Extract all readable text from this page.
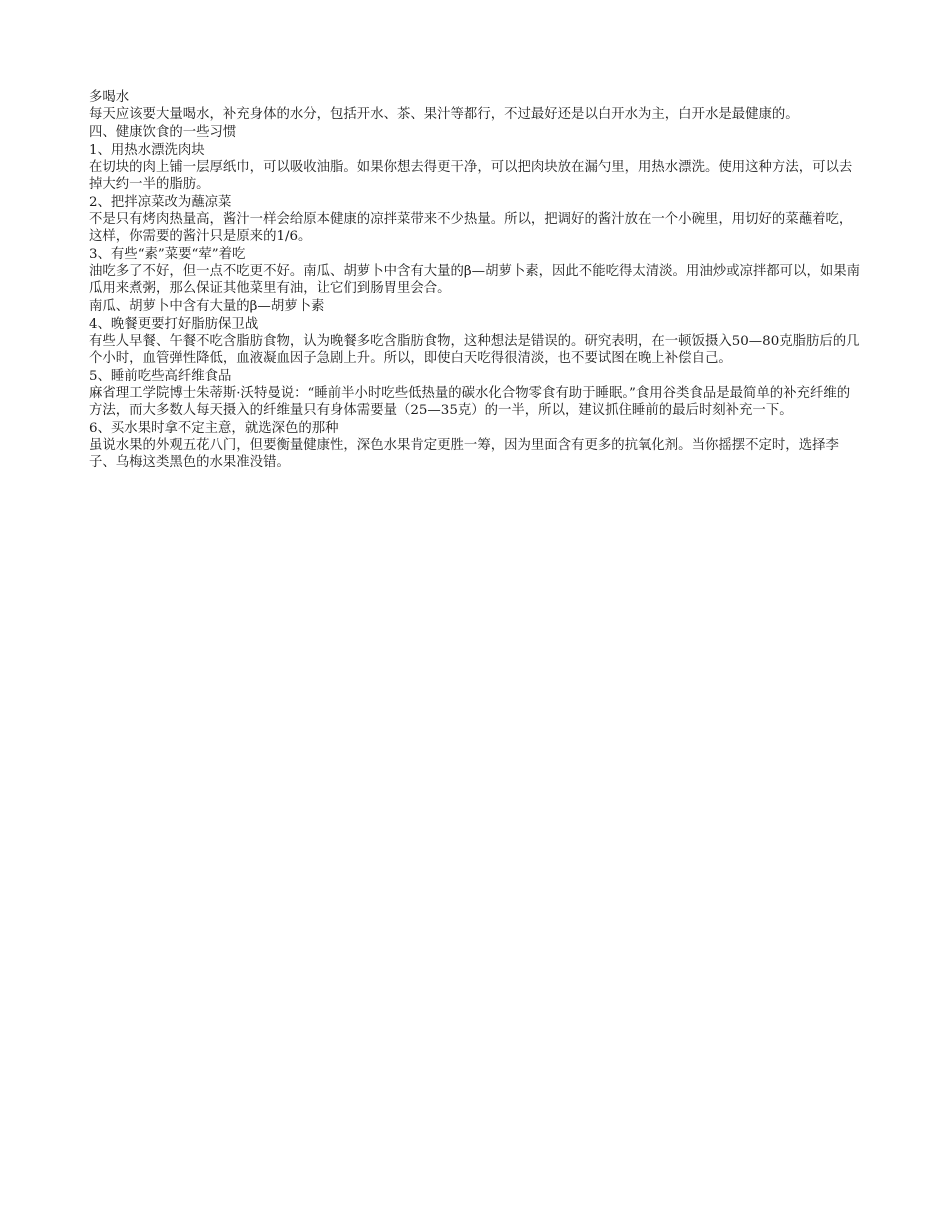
多喝水

每天应该要大量喝水，补充身体的水分，包括开水、茶、果汁等都行，不过最好还是以白开水为主，白开水是最健康的。

四、健康饮食的一些习惯

1、用热水漂洗肉块

在切块的肉上铺一层厚纸巾，可以吸收油脂。如果你想去得更干净，可以把肉块放在漏勺里，用热水漂洗。使用这种方法，可以去掉大约一半的脂肪。

2、把拌凉菜改为蘸凉菜

不是只有烤肉热量高，酱汁一样会给原本健康的凉拌菜带来不少热量。所以，把调好的酱汁放在一个小碗里，用切好的菜蘸着吃，这样，你需要的酱汁只是原来的1/6。

3、有些“素”菜要“荤”着吃

油吃多了不好，但一点不吃更不好。南瓜、胡萝卜中含有大量的β—胡萝卜素，因此不能吃得太清淡。用油炒或凉拌都可以，如果南瓜用来煮粥，那么保证其他菜里有油，让它们到肠胃里会合。

南瓜、胡萝卜中含有大量的β—胡萝卜素

4、晚餐更要打好脂肪保卫战

有些人早餐、午餐不吃含脂肪食物，认为晚餐多吃含脂肪食物，这种想法是错误的。研究表明，在一顿饭摄入50—80克脂肪后的几个小时，血管弹性降低，血液凝血因子急剧上升。所以，即使白天吃得很清淡，也不要试图在晚上补偿自己。

5、睡前吃些高纤维食品

麻省理工学院博士朱蒂斯·沃特曼说：“睡前半小时吃些低热量的碳水化合物零食有助于睡眠。”食用谷类食品是最简单的补充纤维的方法，而大多数人每天摄入的纤维量只有身体需要量（25—35克）的一半，所以，建议抓住睡前的最后时刻补充一下。

6、买水果时拿不定主意，就选深色的那种

虽说水果的外观五花八门，但要衡量健康性，深色水果肯定更胜一筹，因为里面含有更多的抗氧化剂。当你摇摆不定时，选择李子、乌梅这类黑色的水果准没错。
